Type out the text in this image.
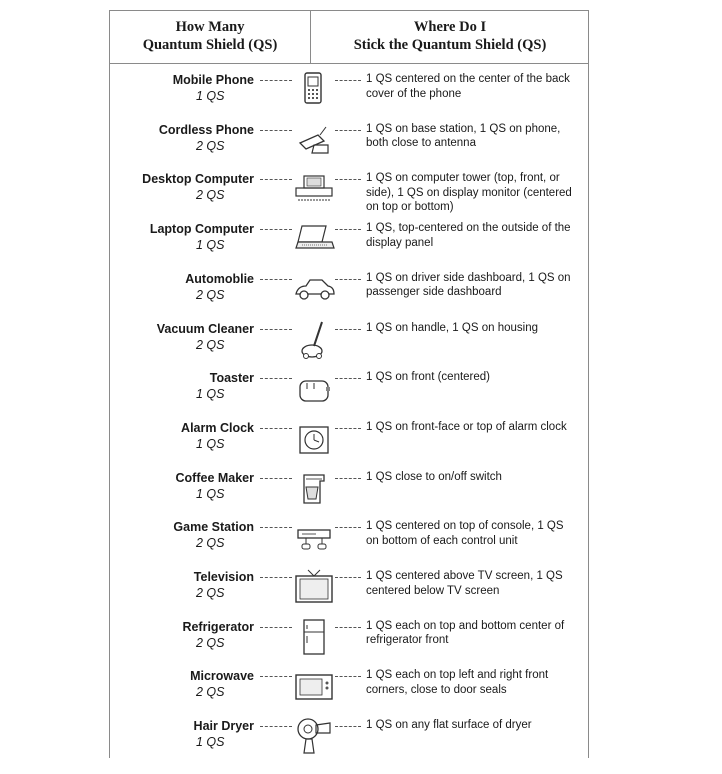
How Many
Quantum Shield (QS)
Where Do I
Stick the Quantum Shield (QS)
Mobile Phone
1 QS
1 QS centered on the center of the back cover of the phone
Cordless Phone
2 QS
1 QS on base station, 1 QS on phone, both close to antenna
Desktop Computer
2 QS
1 QS on computer tower (top, front, or side), 1 QS on display monitor (centered on top or bottom)
Laptop Computer
1 QS
1 QS, top-centered on the outside of the display panel
Automoblie
2 QS
1 QS on driver side dashboard, 1 QS on passenger side dashboard
Vacuum Cleaner
2 QS
1 QS on handle, 1 QS on housing
Toaster
1 QS
1 QS on front (centered)
Alarm Clock
1 QS
1 QS on front-face or top of alarm clock
Coffee Maker
1 QS
1 QS close to on/off switch
Game Station
2 QS
1 QS centered on top of console, 1 QS on bottom of each control unit
Television
2 QS
1 QS centered above TV screen, 1 QS centered below TV screen
Refrigerator
2 QS
1 QS each on top and bottom center of refrigerator front
Microwave
2 QS
1 QS each on top left and right front corners, close to door seals
Hair Dryer
1 QS
1 QS on any flat surface of dryer
